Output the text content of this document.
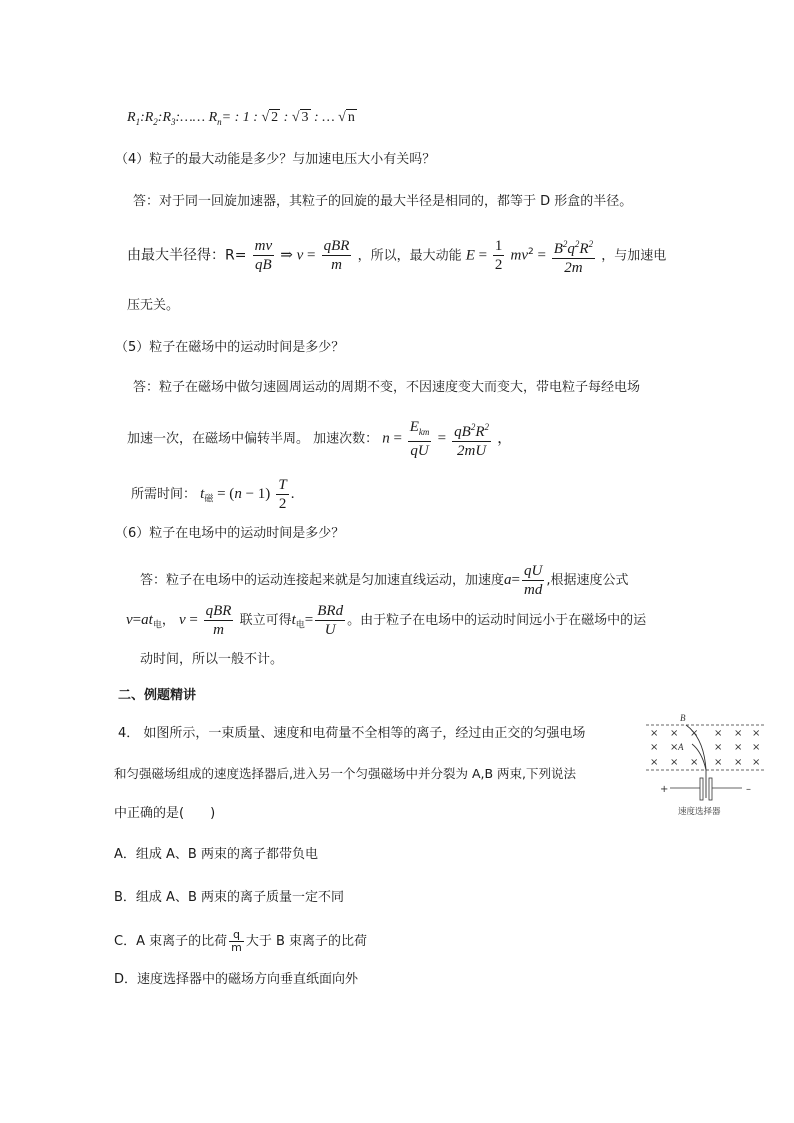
$R_1:R_2:R_3:\dots\dots$ $R_n=$ : 1 : √ 2 : √ 3 : … √ n
（4）粒子的最大动能是多少？与加速电压大小有关吗？
答：对于同一回旋加速器，其粒子的回旋的最大半径是相同的，都等于 D 形盒的半径。
由最大半径得：$R= \frac{mv}{qB}$ ⇒ $v = \frac{\text{qBR}}{m}$ ，所以，最大动能 $E = \frac{1}{2} mv^2 = \frac{B^2q^2R^2}{2m}$ ，与加速电
压无关。
（5）粒子在磁场中的运动时间是多少？
答：粒子在磁场中做匀速圆周运动的周期不变，不因速度变大而变大，带电粒子每经电场
加速一次，在磁场中偏转半周。 加速次数： $n = \frac{E_{km}}{qU} = \frac{qB^2R^2}{2mU}$ ，
所需时间： $t_磁 = (n - 1) \frac{T}{2}$ .
（6）粒子在电场中的运动时间是多少？
答：粒子在电场中的运动连接起来就是匀加速直线运动，加速度$a= \frac{qU}{md}$ ,根据速度公式
$v=at_电$， $v = \frac{\text{qBR}}{m}$ 联立可得$t_电= \frac{\text{BRd}}{U}$ 。由于粒子在电场中的运动时间远小于在磁场中的运
动时间，所以一般不计。
二、例题精讲
4． 如图所示，一束质量、速度和电荷量不全相等的离子，经过由正交的匀强电场
和匀强磁场组成的速度选择器后,进入另一个匀强磁场中并分裂为 A,B 两束,下列说法
中正确的是(　　)
A．组成 A、B 两束的离子都带负电
B．组成 A、B 两束的离子质量一定不同
C．A 束离子的比荷 $\frac{q}{m}$ 大于 B 束离子的比荷
D．速度选择器中的磁场方向垂直纸面向外
× × × × × ×
× ×	× × ×
× × × × × ×
B
A
+	–
速度选择器
